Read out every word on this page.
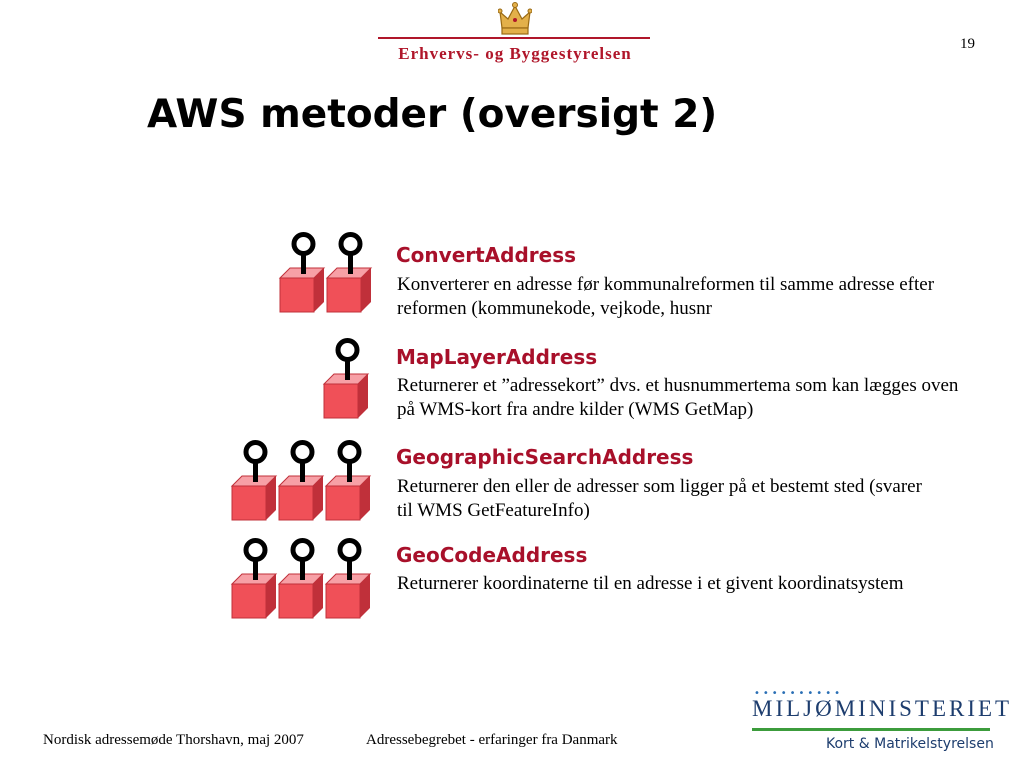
19
Erhvervs- og Byggestyrelsen
AWS metoder (oversigt 2)
ConvertAddress
Konverterer en adresse før kommunalreformen til samme adresse efter reformen (kommunekode, vejkode, husnr
MapLayerAddress
Returnerer et ”adressekort” dvs. et husnummertema som kan lægges oven på WMS-kort fra andre kilder (WMS GetMap)
GeographicSearchAddress
Returnerer den eller de adresser som ligger på et bestemt sted (svarer til WMS GetFeatureInfo)
GeoCodeAddress
Returnerer koordinaterne til en adresse i et givent koordinatsystem
Nordisk adressemøde Thorshavn, maj 2007	Adressebegrebet - erfaringer fra Danmark
••••••••••
MILJØMINISTERIET
Kort & Matrikelstyrelsen
